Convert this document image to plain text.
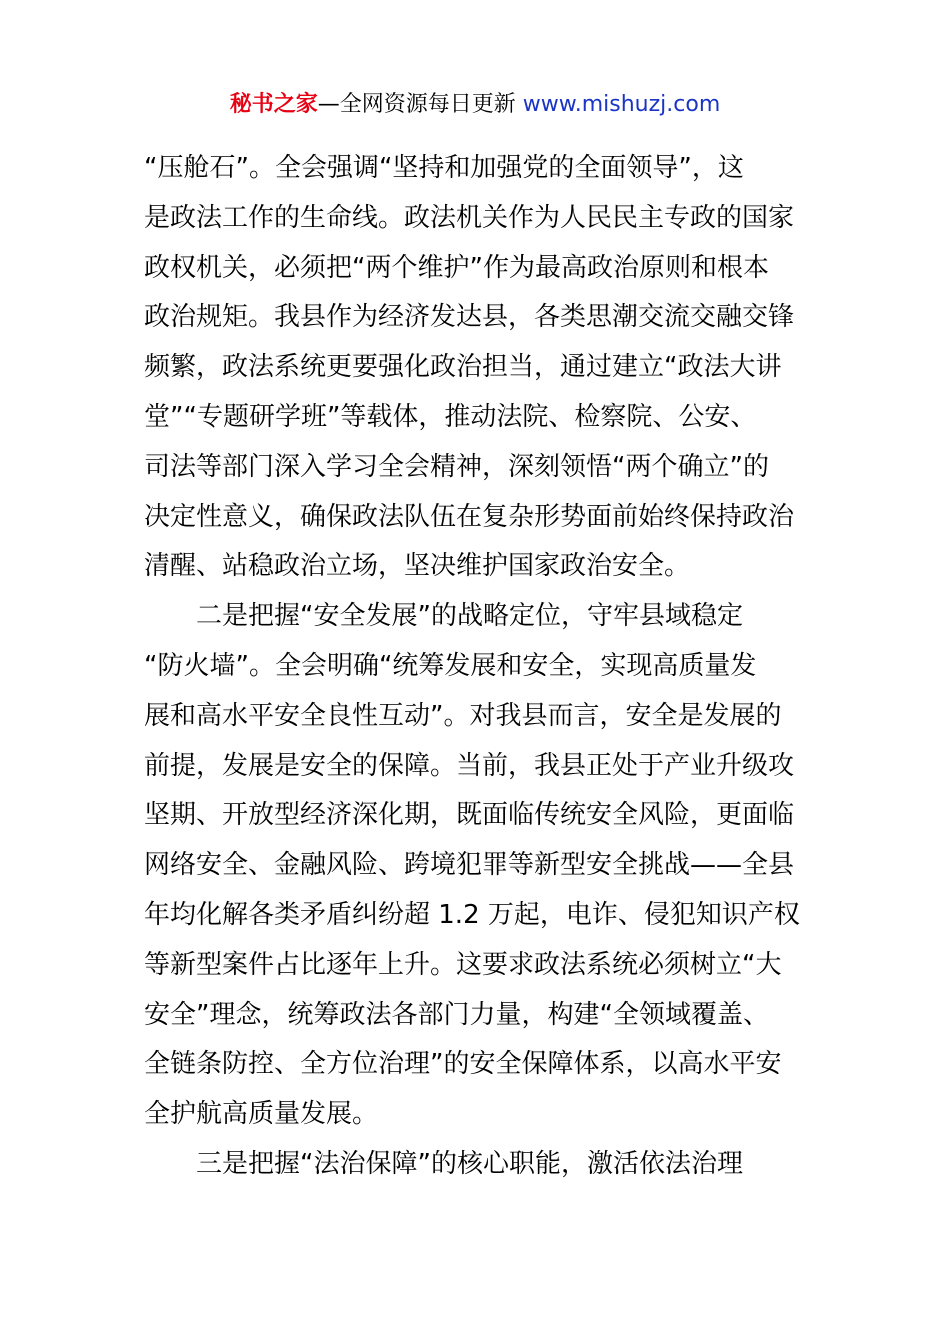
秘书之家—全网资源每日更新 www.mishuzj.com
“压舱石”。全会强调“坚持和加强党的全面领导”，这
是政法工作的生命线。政法机关作为人民民主专政的国家
政权机关，必须把“两个维护”作为最高政治原则和根本
政治规矩。我县作为经济发达县，各类思潮交流交融交锋
频繁，政法系统更要强化政治担当，通过建立“政法大讲
堂”“专题研学班”等载体，推动法院、检察院、公安、
司法等部门深入学习全会精神，深刻领悟“两个确立”的
决定性意义，确保政法队伍在复杂形势面前始终保持政治
清醒、站稳政治立场，坚决维护国家政治安全。
二是把握“安全发展”的战略定位，守牢县域稳定
“防火墙”。全会明确“统筹发展和安全，实现高质量发
展和高水平安全良性互动”。对我县而言，安全是发展的
前提，发展是安全的保障。当前，我县正处于产业升级攻
坚期、开放型经济深化期，既面临传统安全风险，更面临
网络安全、金融风险、跨境犯罪等新型安全挑战——全县
年均化解各类矛盾纠纷超 1.2 万起，电诈、侵犯知识产权
等新型案件占比逐年上升。这要求政法系统必须树立“大
安全”理念，统筹政法各部门力量，构建“全领域覆盖、
全链条防控、全方位治理”的安全保障体系，以高水平安
全护航高质量发展。
三是把握“法治保障”的核心职能，激活依法治理
